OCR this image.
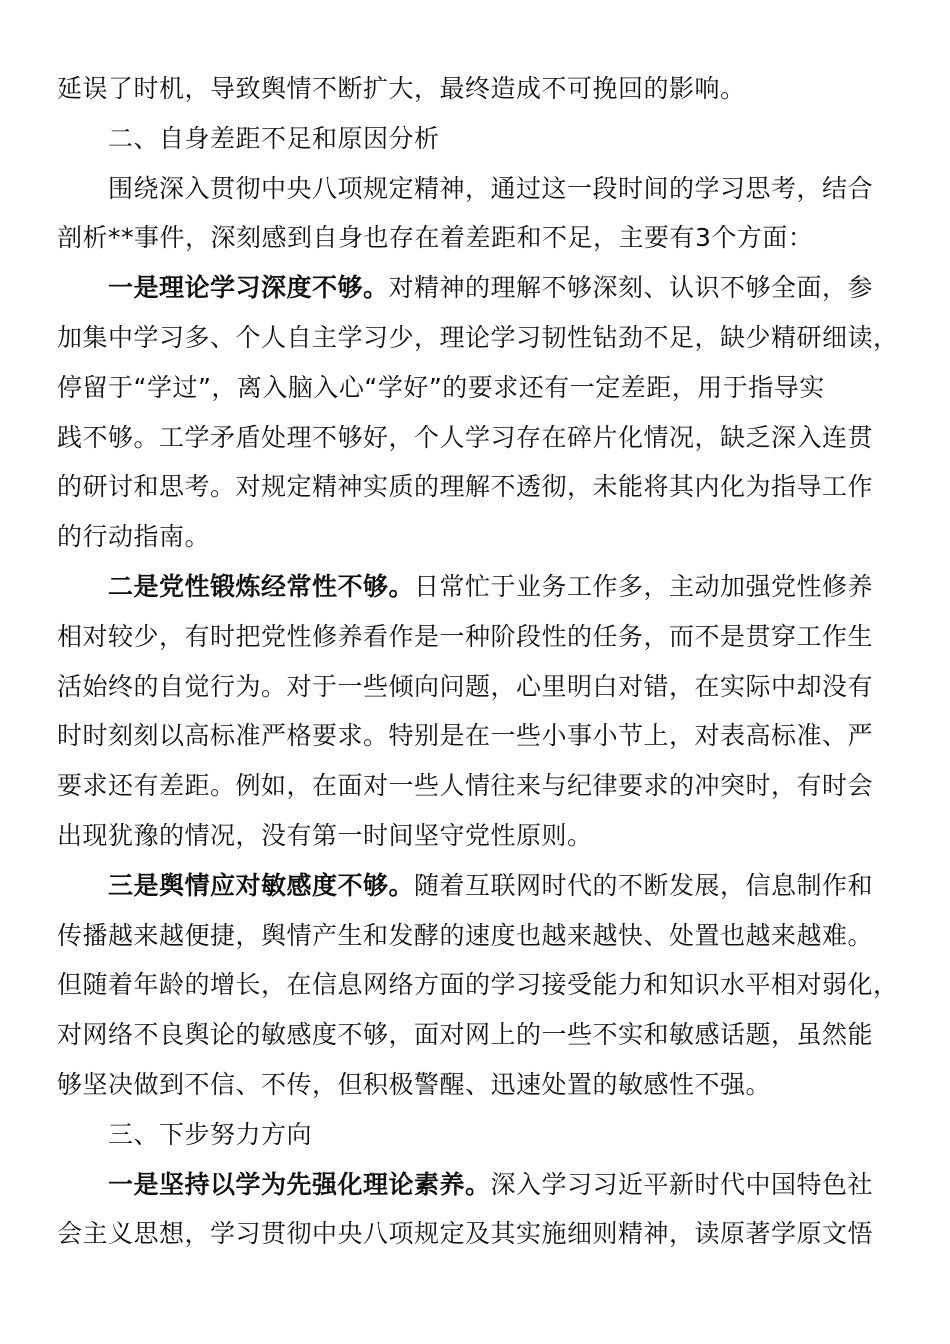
延误了时机，导致舆情不断扩大，最终造成不可挽回的影响。
二、自身差距不足和原因分析
围绕深入贯彻中央八项规定精神，通过这一段时间的学习思考，结合
剖析**事件，深刻感到自身也存在着差距和不足，主要有3个方面：
一是理论学习深度不够。对精神的理解不够深刻、认识不够全面，参
加集中学习多、个人自主学习少，理论学习韧性钻劲不足，缺少精研细读，
停留于“学过”，离入脑入心“学好”的要求还有一定差距，用于指导实
践不够。工学矛盾处理不够好，个人学习存在碎片化情况，缺乏深入连贯
的研讨和思考。对规定精神实质的理解不透彻，未能将其内化为指导工作
的行动指南。
二是党性锻炼经常性不够。日常忙于业务工作多，主动加强党性修养
相对较少，有时把党性修养看作是一种阶段性的任务，而不是贯穿工作生
活始终的自觉行为。对于一些倾向问题，心里明白对错，在实际中却没有
时时刻刻以高标准严格要求。特别是在一些小事小节上，对表高标准、严
要求还有差距。例如，在面对一些人情往来与纪律要求的冲突时，有时会
出现犹豫的情况，没有第一时间坚守党性原则。
三是舆情应对敏感度不够。随着互联网时代的不断发展，信息制作和
传播越来越便捷，舆情产生和发酵的速度也越来越快、处置也越来越难。
但随着年龄的增长，在信息网络方面的学习接受能力和知识水平相对弱化，
对网络不良舆论的敏感度不够，面对网上的一些不实和敏感话题，虽然能
够坚决做到不信、不传，但积极警醒、迅速处置的敏感性不强。
三、下步努力方向
一是坚持以学为先强化理论素养。深入学习习近平新时代中国特色社
会主义思想，学习贯彻中央八项规定及其实施细则精神，读原著学原文悟
